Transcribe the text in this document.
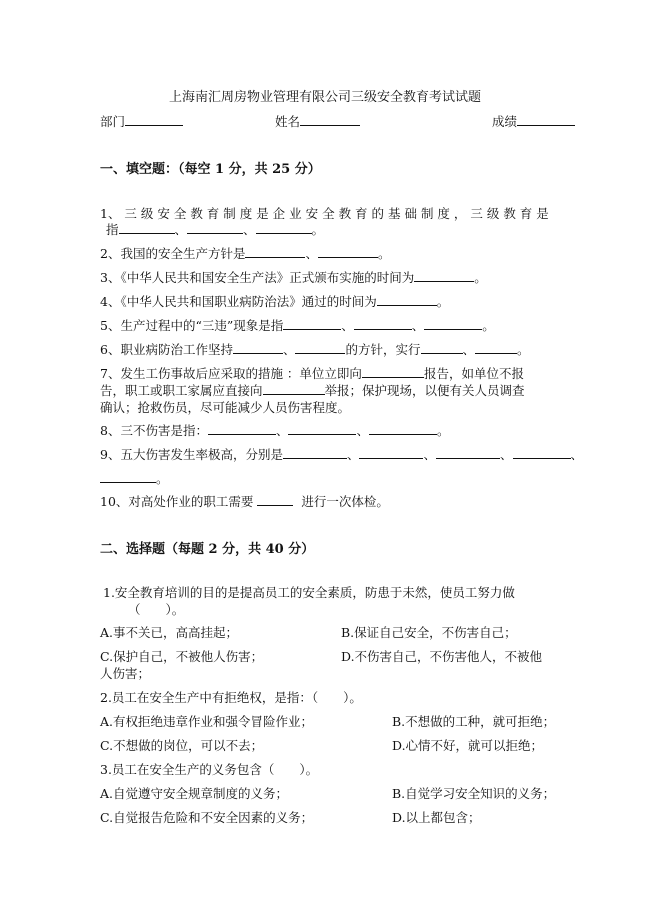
上海南汇周房物业管理有限公司三级安全教育考试试题
部门	姓名	成绩
一、填空题：（每空 1 分，共 25 分）
1、 三 级 安 全 教 育 制 度 是 企 业 安 全 教 育 的 基 础 制 度 ， 三 级 教 育 是
指	、	、	。
2、我国的安全生产方针是	、	。
3、《中华人民共和国安全生产法》正式颁布实施的时间为	。
4、《中华人民共和国职业病防治法》通过的时间为	。
5、生产过程中的“三违”现象是指	、	、	。
6、职业病防治工作坚持	、	的方针，实行	、	。
7、发生工伤事故后应采取的措施 ：单位立即向	报告，如单位不报
告，职工或职工家属应直接向	举报；保护现场，以便有关人员调查
确认；抢救伤员，尽可能减少人员伤害程度。
8、三不伤害是指：	、	、	。
9、五大伤害发生率极高，分别是	、	、	、	、
。
10、对高处作业的职工需要	进行一次体检。
二、选择题（每题 2 分，共 40 分）
1.安全教育培训的目的是提高员工的安全素质，防患于未然，使员工努力做
（　　）。
A.事不关已，高高挂起；	B.保证自己安全，不伤害自己；
C.保护自己，不被他人伤害；	D.不伤害自己，不伤害他人，不被他
人伤害；
2.员工在安全生产中有拒绝权，是指：（　　）。
A.有权拒绝违章作业和强令冒险作业；	B.不想做的工种，就可拒绝；
C.不想做的岗位，可以不去；	D.心情不好，就可以拒绝；
3.员工在安全生产的义务包含（　　）。
A.自觉遵守安全规章制度的义务；	B.自觉学习安全知识的义务；
C.自觉报告危险和不安全因素的义务；	D.以上都包含；
